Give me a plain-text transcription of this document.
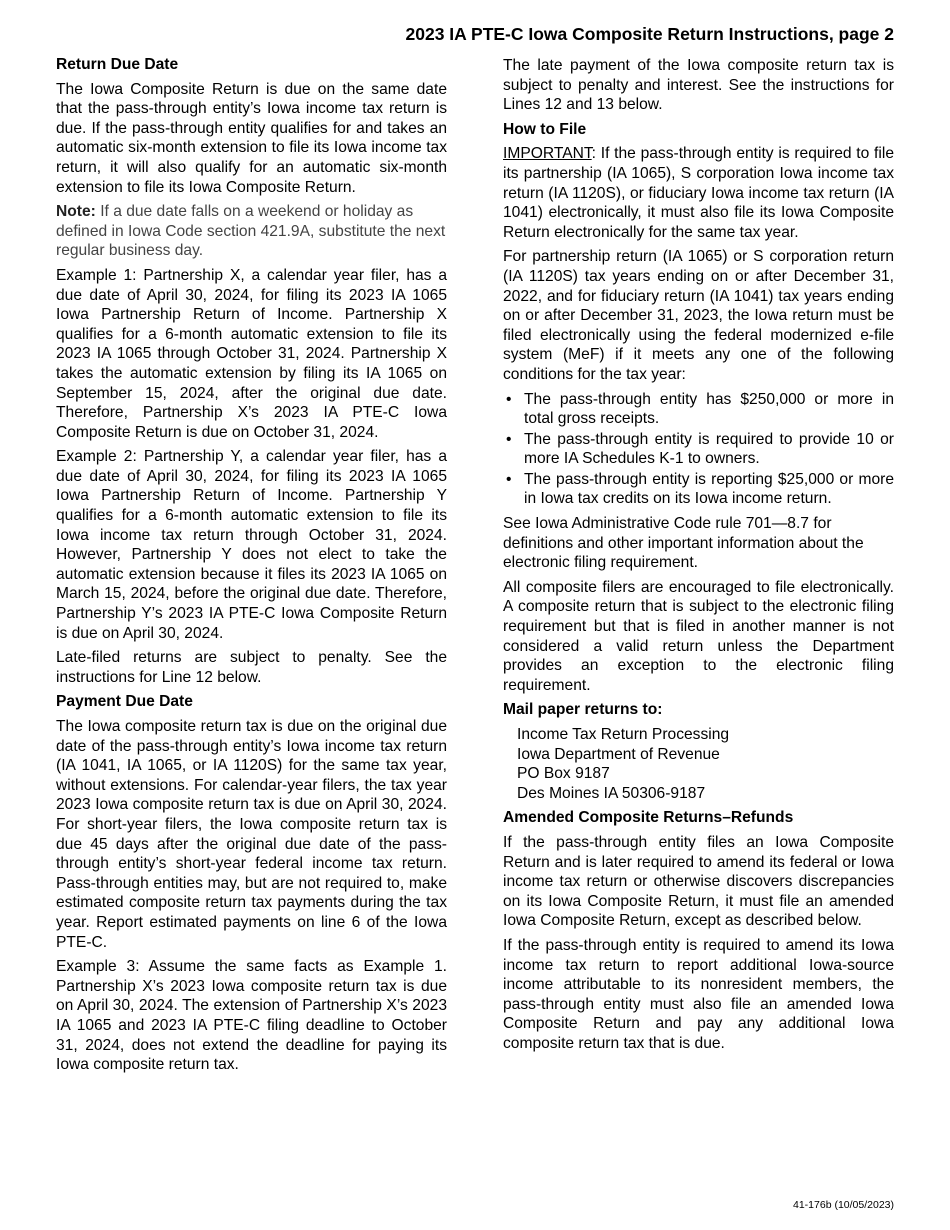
2023 IA PTE-C Iowa Composite Return Instructions, page 2
Return Due Date

The Iowa Composite Return is due on the same date that the pass-through entity’s Iowa income tax return is due. If the pass-through entity qualifies for and takes an automatic six-month extension to file its Iowa income tax return, it will also qualify for an automatic six-month extension to file its Iowa Composite Return.

Note: If a due date falls on a weekend or holiday as defined in Iowa Code section 421.9A, substitute the next regular business day.

Example 1: Partnership X, a calendar year filer, has a due date of April 30, 2024, for filing its 2023 IA 1065 Iowa Partnership Return of Income. Partnership X qualifies for a 6-month automatic extension to file its 2023 IA 1065 through October 31, 2024. Partnership X takes the automatic extension by filing its IA 1065 on September 15, 2024, after the original due date. Therefore, Partnership X’s 2023 IA PTE-C Iowa Composite Return is due on October 31, 2024.

Example 2: Partnership Y, a calendar year filer, has a due date of April 30, 2024, for filing its 2023 IA 1065 Iowa Partnership Return of Income. Partnership Y qualifies for a 6-month automatic extension to file its Iowa income tax return through October 31, 2024. However, Partnership Y does not elect to take the automatic extension because it files its 2023 IA 1065 on March 15, 2024, before the original due date. Therefore, Partnership Y’s 2023 IA PTE-C Iowa Composite Return is due on April 30, 2024.

Late-filed returns are subject to penalty. See the instructions for Line 12 below.

Payment Due Date

The Iowa composite return tax is due on the original due date of the pass-through entity’s Iowa income tax return (IA 1041, IA 1065, or IA 1120S) for the same tax year, without extensions. For calendar-year filers, the tax year 2023 Iowa composite return tax is due on April 30, 2024. For short-year filers, the Iowa composite return tax is due 45 days after the original due date of the pass-through entity’s short-year federal income tax return. Pass-through entities may, but are not required to, make estimated composite return tax payments during the tax year. Report estimated payments on line 6 of the Iowa PTE-C.

Example 3: Assume the same facts as Example 1. Partnership X’s 2023 Iowa composite return tax is due on April 30, 2024. The extension of Partnership X’s 2023 IA 1065 and 2023 IA PTE-C filing deadline to October 31, 2024, does not extend the deadline for paying its Iowa composite return tax.

The late payment of the Iowa composite return tax is subject to penalty and interest. See the instructions for Lines 12 and 13 below.

How to File

IMPORTANT: If the pass-through entity is required to file its partnership (IA 1065), S corporation Iowa income tax return (IA 1120S), or fiduciary Iowa income tax return (IA 1041) electronically, it must also file its Iowa Composite Return electronically for the same tax year.

For partnership return (IA 1065) or S corporation return (IA 1120S) tax years ending on or after December 31, 2022, and for fiduciary return (IA 1041) tax years ending on or after December 31, 2023, the Iowa return must be filed electronically using the federal modernized e-file system (MeF) if it meets any one of the following conditions for the tax year:

• The pass-through entity has $250,000 or more in total gross receipts.
• The pass-through entity is required to provide 10 or more IA Schedules K-1 to owners.
• The pass-through entity is reporting $25,000 or more in Iowa tax credits on its Iowa income return.

See Iowa Administrative Code rule 701—8.7 for definitions and other important information about the electronic filing requirement.

All composite filers are encouraged to file electronically. A composite return that is subject to the electronic filing requirement but that is filed in another manner is not considered a valid return unless the Department provides an exception to the electronic filing requirement.

Mail paper returns to:
Income Tax Return Processing
Iowa Department of Revenue
PO Box 9187
Des Moines IA 50306-9187
Amended Composite Returns–Refunds

If the pass-through entity files an Iowa Composite Return and is later required to amend its federal or Iowa income tax return or otherwise discovers discrepancies on its Iowa Composite Return, it must file an amended Iowa Composite Return, except as described below.

If the pass-through entity is required to amend its Iowa income tax return to report additional Iowa-source income attributable to its nonresident members, the pass-through entity must also file an amended Iowa Composite Return and pay any additional Iowa composite return tax that is due.

41-176b (10/05/2023)
